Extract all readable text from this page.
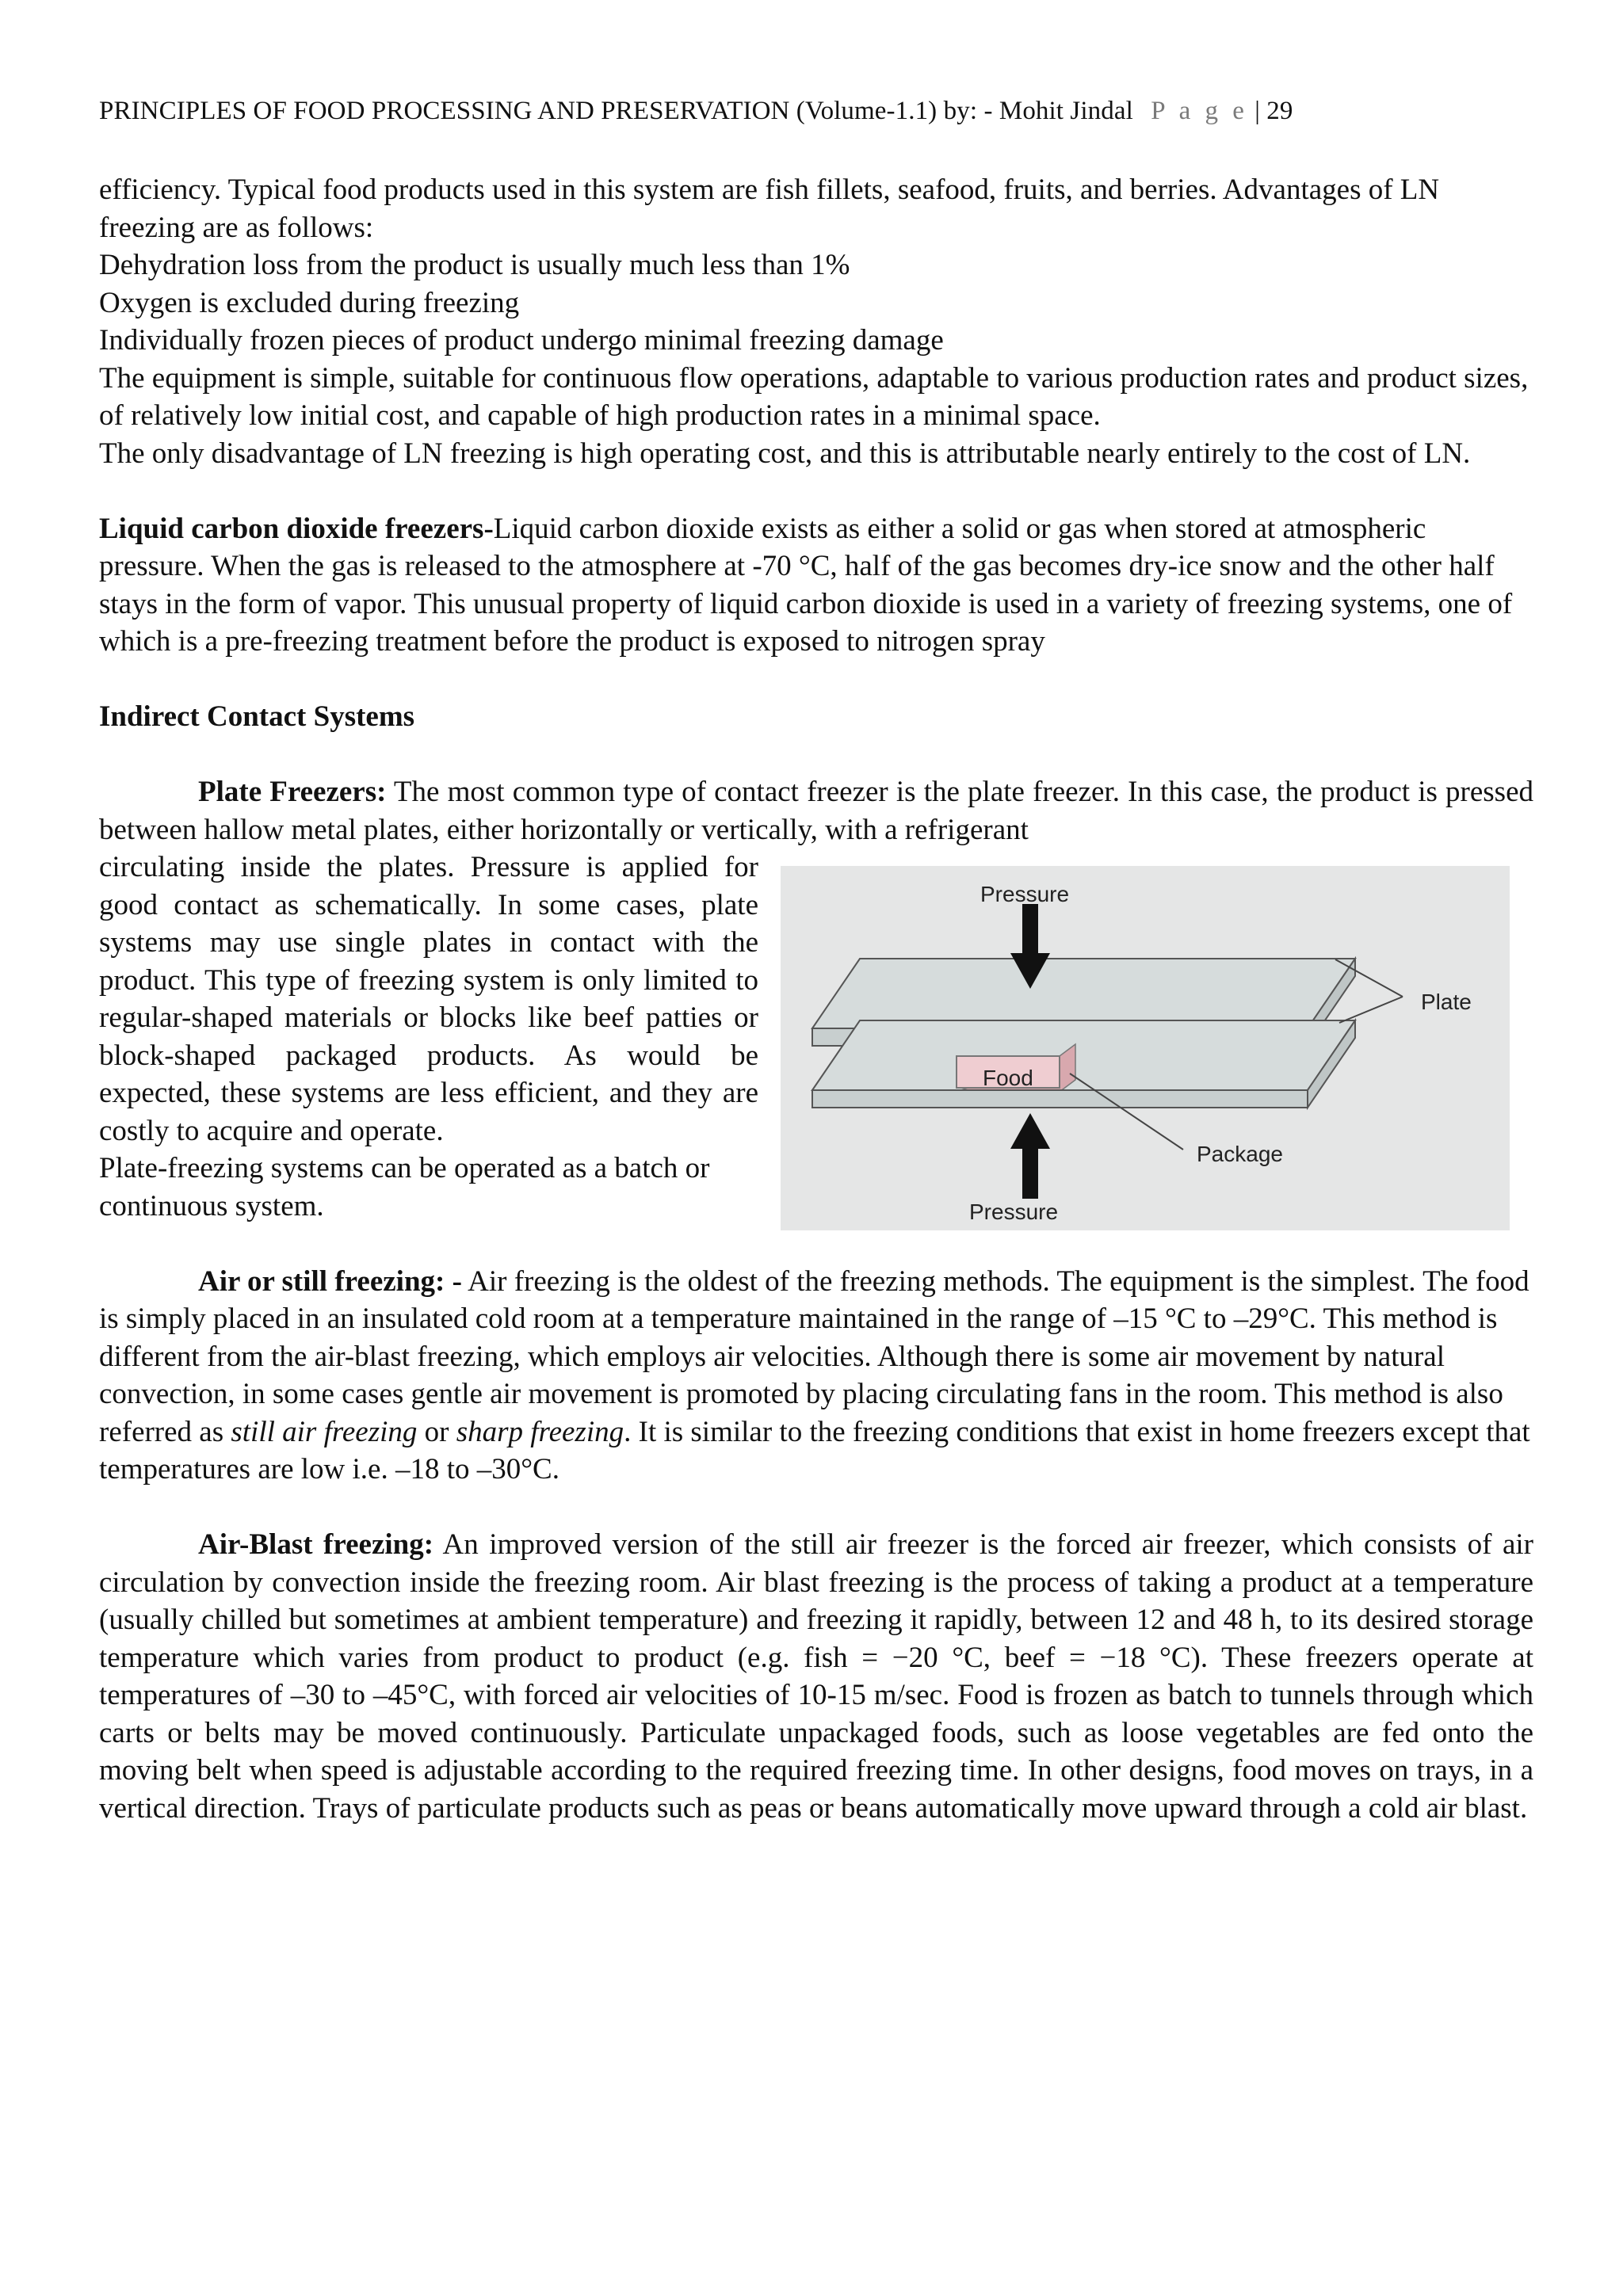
PRINCIPLES OF FOOD PROCESSING AND PRESERVATION (Volume-1.1) by: - Mohit Jindal P a g e | 29

efficiency. Typical food products used in this system are fish fillets, seafood, fruits, and berries. Advantages of LN freezing are as follows:

Dehydration loss from the product is usually much less than 1%

Oxygen is excluded during freezing

Individually frozen pieces of product undergo minimal freezing damage

The equipment is simple, suitable for continuous flow operations, adaptable to various production rates and product sizes, of relatively low initial cost, and capable of high production rates in a minimal space.

The only disadvantage of LN freezing is high operating cost, and this is attributable nearly entirely to the cost of LN.

Liquid carbon dioxide freezers-Liquid carbon dioxide exists as either a solid or gas when stored at atmospheric pressure. When the gas is released to the atmosphere at -70 °C, half of the gas becomes dry-ice snow and the other half stays in the form of vapor. This unusual property of liquid carbon dioxide is used in a variety of freezing systems, one of which is a pre-freezing treatment before the product is exposed to nitrogen spray

Indirect Contact Systems

Plate Freezers: The most common type of contact freezer is the plate freezer. In this case, the product is pressed between hallow metal plates, either horizontally or vertically, with a refrigerant

circulating inside the plates. Pressure is applied for good contact as schematically. In some cases, plate systems may use single plates in contact with the product. This type of freezing system is only limited to regular-shaped materials or blocks like beef patties or block-shaped packaged products. As would be expected, these systems are less efficient, and they are costly to acquire and operate.

Plate-freezing systems can be operated as a batch or continuous system.

Pressure
Plate
Food
Package
Pressure

Air or still freezing: - Air freezing is the oldest of the freezing methods. The equipment is the simplest. The food is simply placed in an insulated cold room at a temperature maintained in the range of –15 °C to –29°C. This method is different from the air-blast freezing, which employs air velocities. Although there is some air movement by natural convection, in some cases gentle air movement is promoted by placing circulating fans in the room. This method is also referred as still air freezing or sharp freezing. It is similar to the freezing conditions that exist in home freezers except that temperatures are low i.e. –18 to –30°C.

Air-Blast freezing: An improved version of the still air freezer is the forced air freezer, which consists of air circulation by convection inside the freezing room. Air blast freezing is the process of taking a product at a temperature (usually chilled but sometimes at ambient temperature) and freezing it rapidly, between 12 and 48 h, to its desired storage temperature which varies from product to product (e.g. fish = −20 °C, beef = −18 °C). These freezers operate at temperatures of –30 to –45°C, with forced air velocities of 10-15 m/sec. Food is frozen as batch to tunnels through which carts or belts may be moved continuously. Particulate unpackaged foods, such as loose vegetables are fed onto the moving belt when speed is adjustable according to the required freezing time. In other designs, food moves on trays, in a vertical direction. Trays of particulate products such as peas or beans automatically move upward through a cold air blast.
